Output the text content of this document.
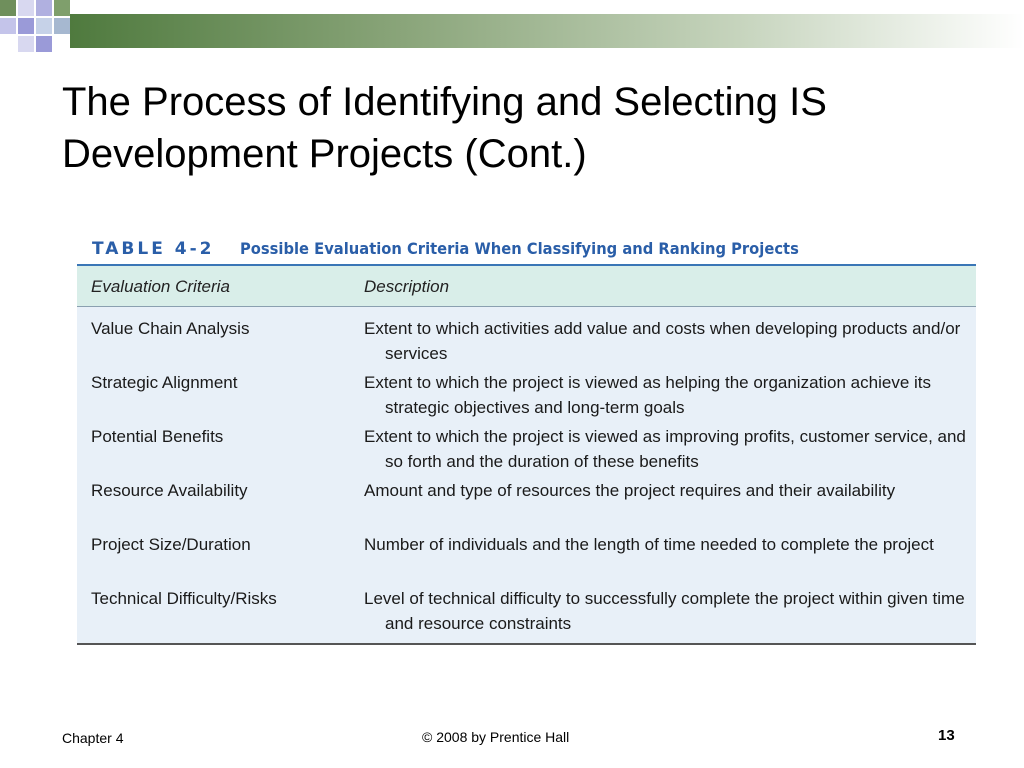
The Process of Identifying and Selecting IS
Development Projects (Cont.)
TABLE 4-2 Possible Evaluation Criteria When Classifying and Ranking Projects
Evaluation Criteria	Description
Value Chain Analysis	Extent to which activities add value and costs when developing products and/or services
Strategic Alignment	Extent to which the project is viewed as helping the organization achieve its strategic objectives and long-term goals
Potential Benefits	Extent to which the project is viewed as improving profits, customer service, and so forth and the duration of these benefits
Resource Availability	Amount and type of resources the project requires and their availability
Project Size/Duration	Number of individuals and the length of time needed to complete the project
Technical Difficulty/Risks	Level of technical difficulty to successfully complete the project within given time and resource constraints
Chapter 4	© 2008 by Prentice Hall	13
